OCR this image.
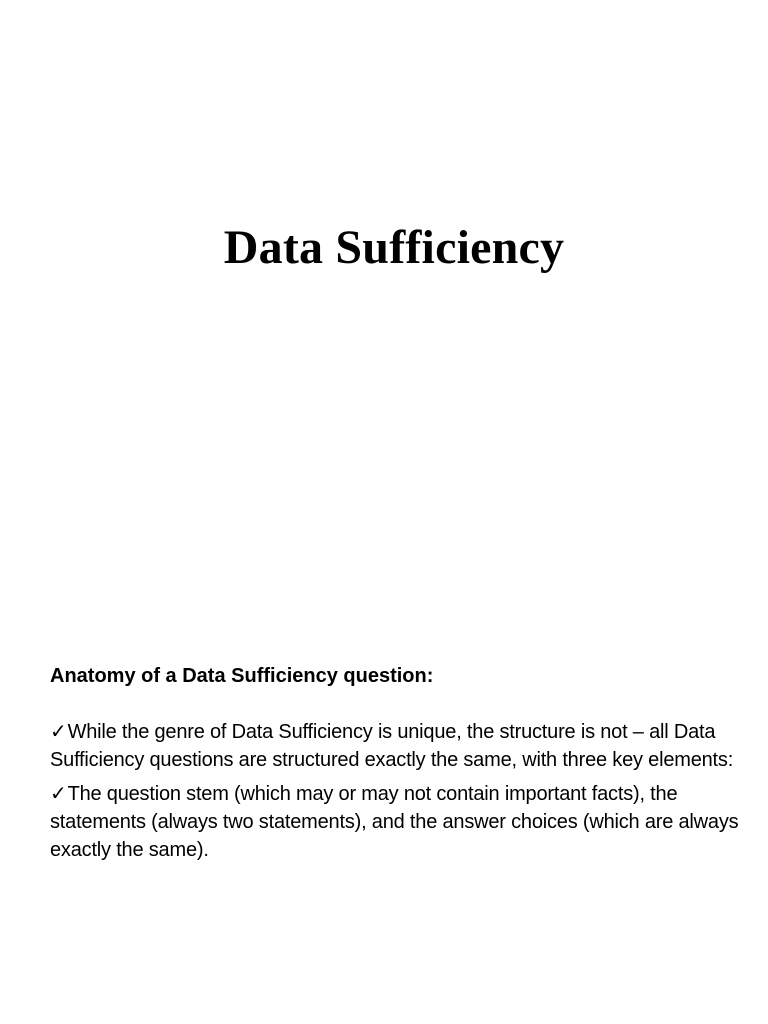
Data Sufficiency
Anatomy of a Data Sufficiency question:
✓While the genre of Data Sufficiency is unique, the structure is not – all Data Sufficiency questions are structured exactly the same, with three key elements:
✓The question stem (which may or may not contain important facts), the statements (always two statements), and the answer choices (which are always exactly the same).
